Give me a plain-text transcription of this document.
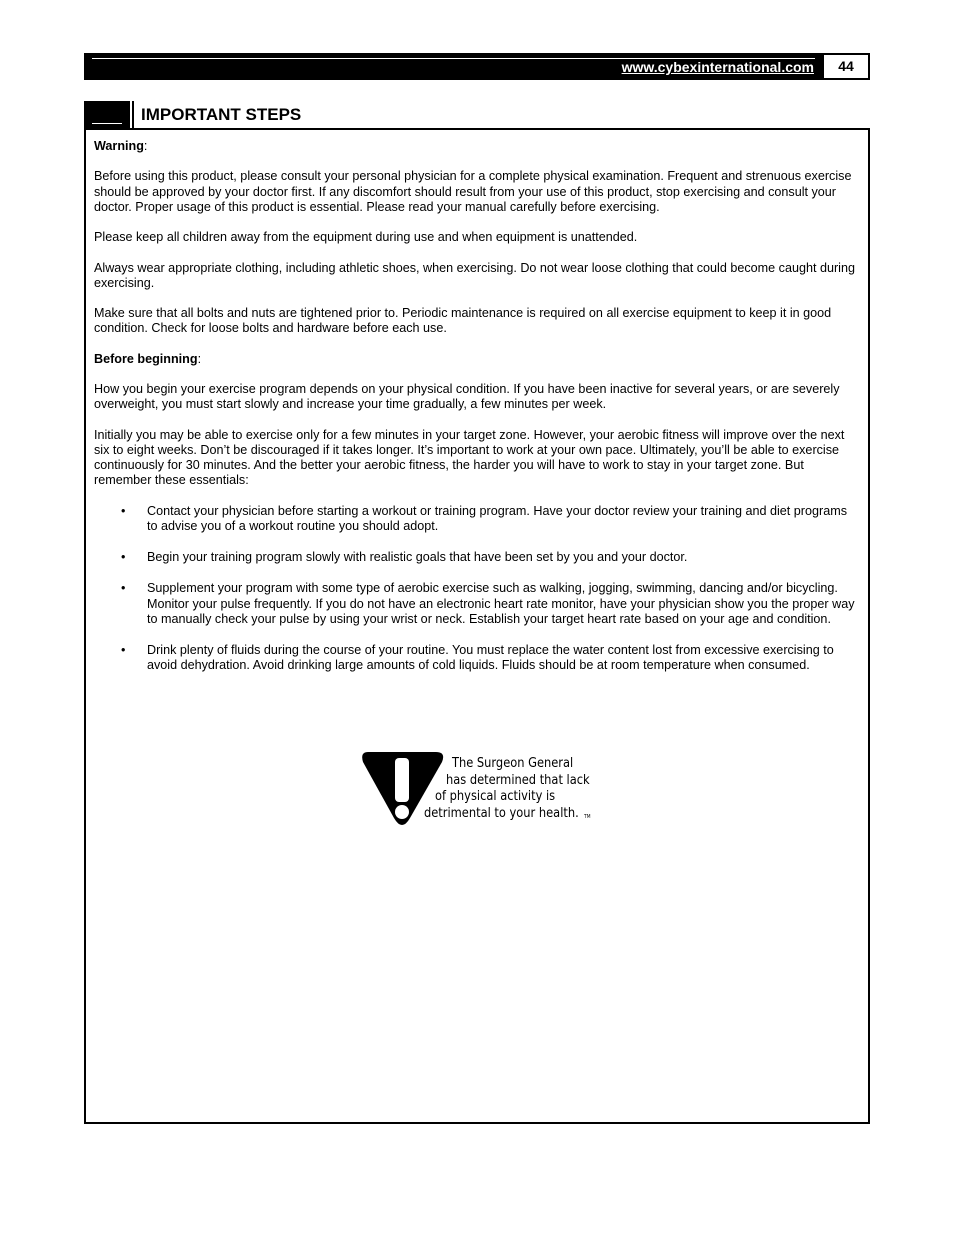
www.cybexinternational.com	44
IMPORTANT STEPS

Warning:

Before using this product, please consult your personal physician for a complete physical examination. Frequent and strenuous exercise should be approved by your doctor first. If any discomfort should result from your use of this product, stop exercising and consult your doctor. Proper usage of this product is essential. Please read your manual carefully before exercising.

Please keep all children away from the equipment during use and when equipment is unattended.

Always wear appropriate clothing, including athletic shoes, when exercising. Do not wear loose clothing that could become caught during exercising.

Make sure that all bolts and nuts are tightened prior to. Periodic maintenance is required on all exercise equipment to keep it in good condition. Check for loose bolts and hardware before each use.

Before beginning:

How you begin your exercise program depends on your physical condition. If you have been inactive for several years, or are severely overweight, you must start slowly and increase your time gradually, a few minutes per week.

Initially you may be able to exercise only for a few minutes in your target zone. However, your aerobic fitness will improve over the next six to eight weeks. Don’t be discouraged if it takes longer. It’s important to work at your own pace. Ultimately, you’ll be able to exercise continuously for 30 minutes. And the better your aerobic fitness, the harder you will have to work to stay in your target zone. But remember these essentials:

• Contact your physician before starting a workout or training program. Have your doctor review your training and diet programs to advise you of a workout routine you should adopt.
• Begin your training program slowly with realistic goals that have been set by you and your doctor.
• Supplement your program with some type of aerobic exercise such as walking, jogging, swimming, dancing and/or bicycling. Monitor your pulse frequently. If you do not have an electronic heart rate monitor, have your physician show you the proper way to manually check your pulse by using your wrist or neck. Establish your target heart rate based on your age and condition.
• Drink plenty of fluids during the course of your routine. You must replace the water content lost from excessive exercising to avoid dehydration. Avoid drinking large amounts of cold liquids. Fluids should be at room temperature when consumed.
The Surgeon General
has determined that lack
of physical activity is
detrimental to your health. TM
